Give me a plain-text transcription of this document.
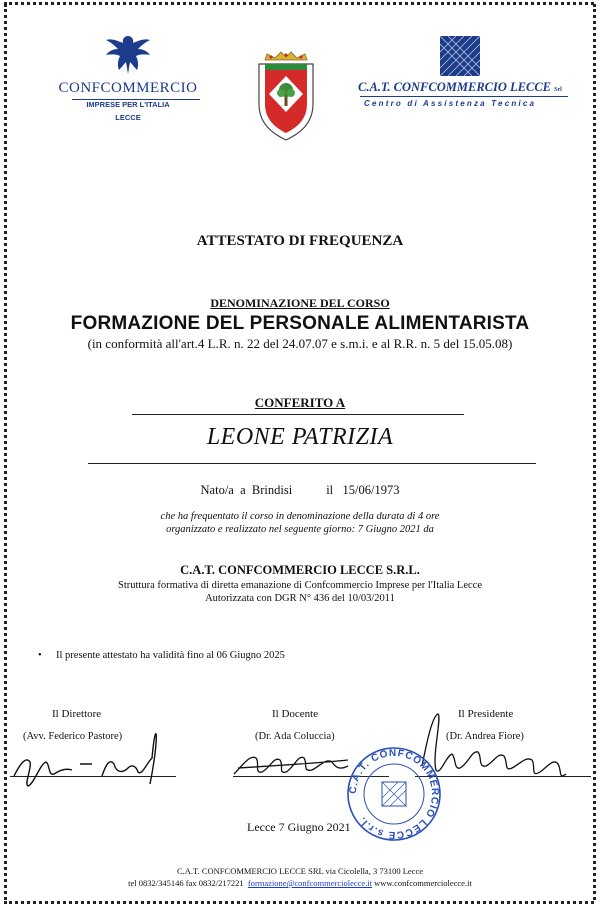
CONFCOMMERCIO
IMPRESE PER L'ITALIA
LECCE
C.A.T. CONFCOMMERCIO LECCE Srl
Centro di Assistenza Tecnica
ATTESTATO DI FREQUENZA
DENOMINAZIONE DEL CORSO
FORMAZIONE DEL PERSONALE ALIMENTARISTA
(in conformità all'art.4 L.R. n. 22 del 24.07.07 e s.m.i. e al R.R. n. 5 del 15.05.08)
CONFERITO A
LEONE PATRIZIA
Nato/a  a Brindisi	il 15/06/1973
che ha frequentato il corso in denominazione della durata di 4 ore
organizzato e realizzato nel seguente giorno: 7 Giugno 2021 da
C.A.T. CONFCOMMERCIO LECCE S.R.L.
Struttura formativa di diretta emanazione di Confcommercio Imprese per l'Italia Lecce
Autorizzata con DGR N° 436 del 10/03/2011
• Il presente attestato ha validità fino al 06 Giugno 2025
Il Direttore	Il Docente	Il Presidente
(Avv. Federico Pastore)	(Dr. Ada Coluccia)	(Dr. Andrea Fiore)
C.A.T. CONFCOMMERCIO LECCE s.r.l.
Lecce 7 Giugno 2021
C.A.T. CONFCOMMERCIO LECCE SRL via Cicolella, 3 73100 Lecce
tel 0832/345146 fax 0832/217221 formazione@confcommerciolecce.it www.confcommerciolecce.it
